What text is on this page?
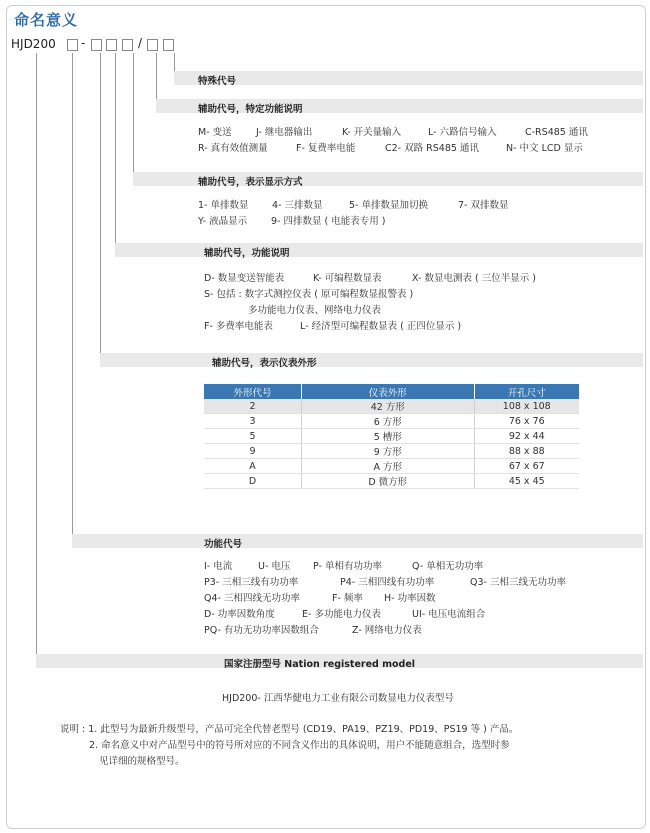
命名意义
HJD200 -	/
特殊代号
辅助代号，特定功能说明
M- 变送	J- 继电器输出	K- 开关量输入	L- 六路信号输入	C-RS485 通讯
R- 真有效值测量	F- 复费率电能	C2- 双路 RS485 通讯	N- 中文 LCD 显示
辅助代号，表示显示方式
1- 单排数显 4- 三排数显	5- 单排数显加切换	7- 双排数显
Y- 液晶显示	9- 四排数显 ( 电能表专用 )
辅助代号，功能说明
D- 数显变送智能表	K- 可编程数显表	X- 数显电测表 ( 三位半显示 )
S- 包括 : 数字式测控仪表 ( 原可编程数显报警表 )
多功能电力仪表、网络电力仪表
F- 多费率电能表	L- 经济型可编程数显表 ( 正四位显示 )
辅助代号，表示仪表外形
外形代号	仪表外形	开孔尺寸
2	42 方形	108 x 108
3	6 方形	76 x 76
5	5 槽形	92 x 44
9	9 方形	88 x 88
A	A 方形	67 x 67
D	D 微方形	45 x 45
功能代号
I- 电流	U- 电压 P- 单相有功功率	Q- 单相无功功率
P3- 三相三线有功功率	P4- 三相四线有功功率	Q3- 三相三线无功功率
Q4- 三相四线无功功率	F- 频率 H- 功率因数
D- 功率因数角度	E- 多功能电力仪表	UI- 电压电流组合
PQ- 有功无功功率因数组合	Z- 网络电力仪表
国家注册型号 Nation registered model
HJD200- 江西华健电力工业有限公司数显电力仪表型号
说明 : 1. 此型号为最新升级型号，产品可完全代替老型号 (CD19、PA19、PZ19、PD19、PS19 等 ) 产品。
2. 命名意义中对产品型号中的符号所对应的不同含义作出的具体说明，用户不能随意组合，选型时参
见详细的规格型号。
